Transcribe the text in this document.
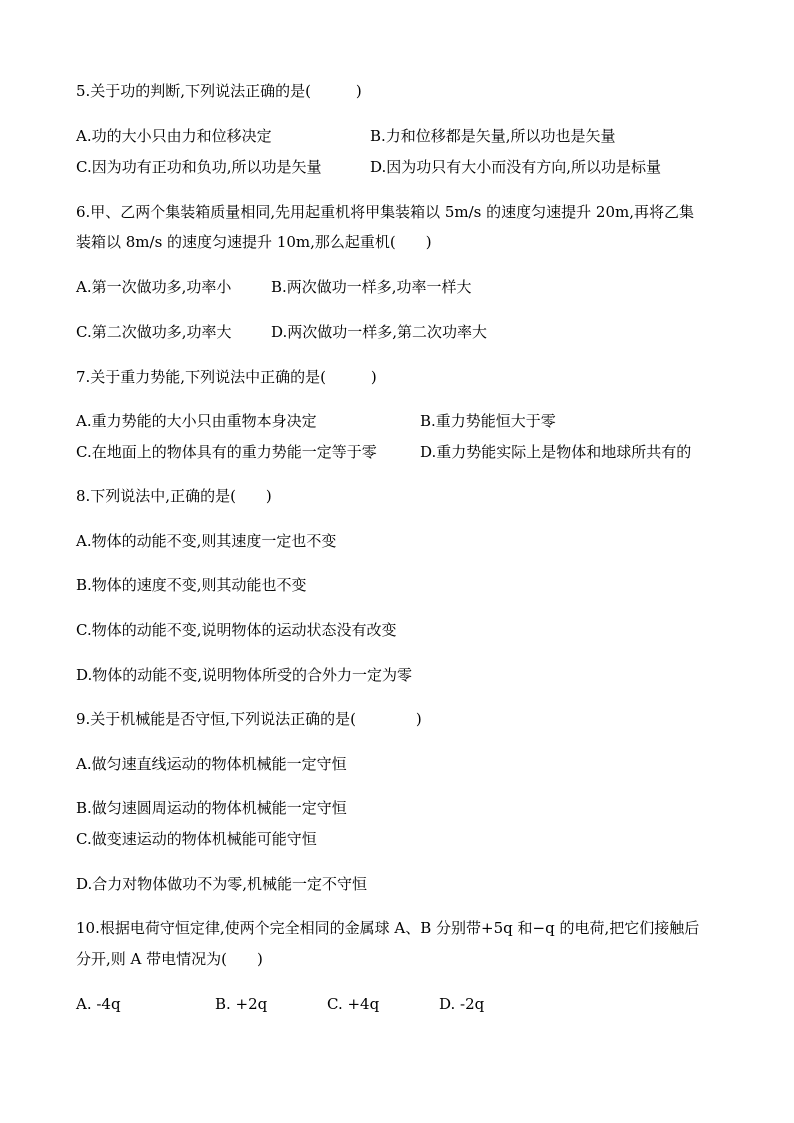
5.关于功的判断,下列说法正确的是(　　　)
A.功的大小只由力和位移决定	B.力和位移都是矢量,所以功也是矢量
C.因为功有正功和负功,所以功是矢量	D.因为功只有大小而没有方向,所以功是标量
6.甲、乙两个集装箱质量相同,先用起重机将甲集装箱以 5m/s 的速度匀速提升 20m,再将乙集
装箱以 8m/s 的速度匀速提升 10m,那么起重机(　　)
A.第一次做功多,功率小	B.两次做功一样多,功率一样大
C.第二次做功多,功率大	D.两次做功一样多,第二次功率大
7.关于重力势能,下列说法中正确的是(　　　)
A.重力势能的大小只由重物本身决定	B.重力势能恒大于零
C.在地面上的物体具有的重力势能一定等于零	D.重力势能实际上是物体和地球所共有的
8.下列说法中,正确的是(　　)
A.物体的动能不变,则其速度一定也不变
B.物体的速度不变,则其动能也不变
C.物体的动能不变,说明物体的运动状态没有改变
D.物体的动能不变,说明物体所受的合外力一定为零
9.关于机械能是否守恒,下列说法正确的是(　　　　)
A.做匀速直线运动的物体机械能一定守恒
B.做匀速圆周运动的物体机械能一定守恒
C.做变速运动的物体机械能可能守恒
D.合力对物体做功不为零,机械能一定不守恒
10.根据电荷守恒定律,使两个完全相同的金属球 A、B 分别带+5q 和−q 的电荷,把它们接触后
分开,则 A 带电情况为(　　)
A. -4q	B. +2q	C. +4q	D. -2q
